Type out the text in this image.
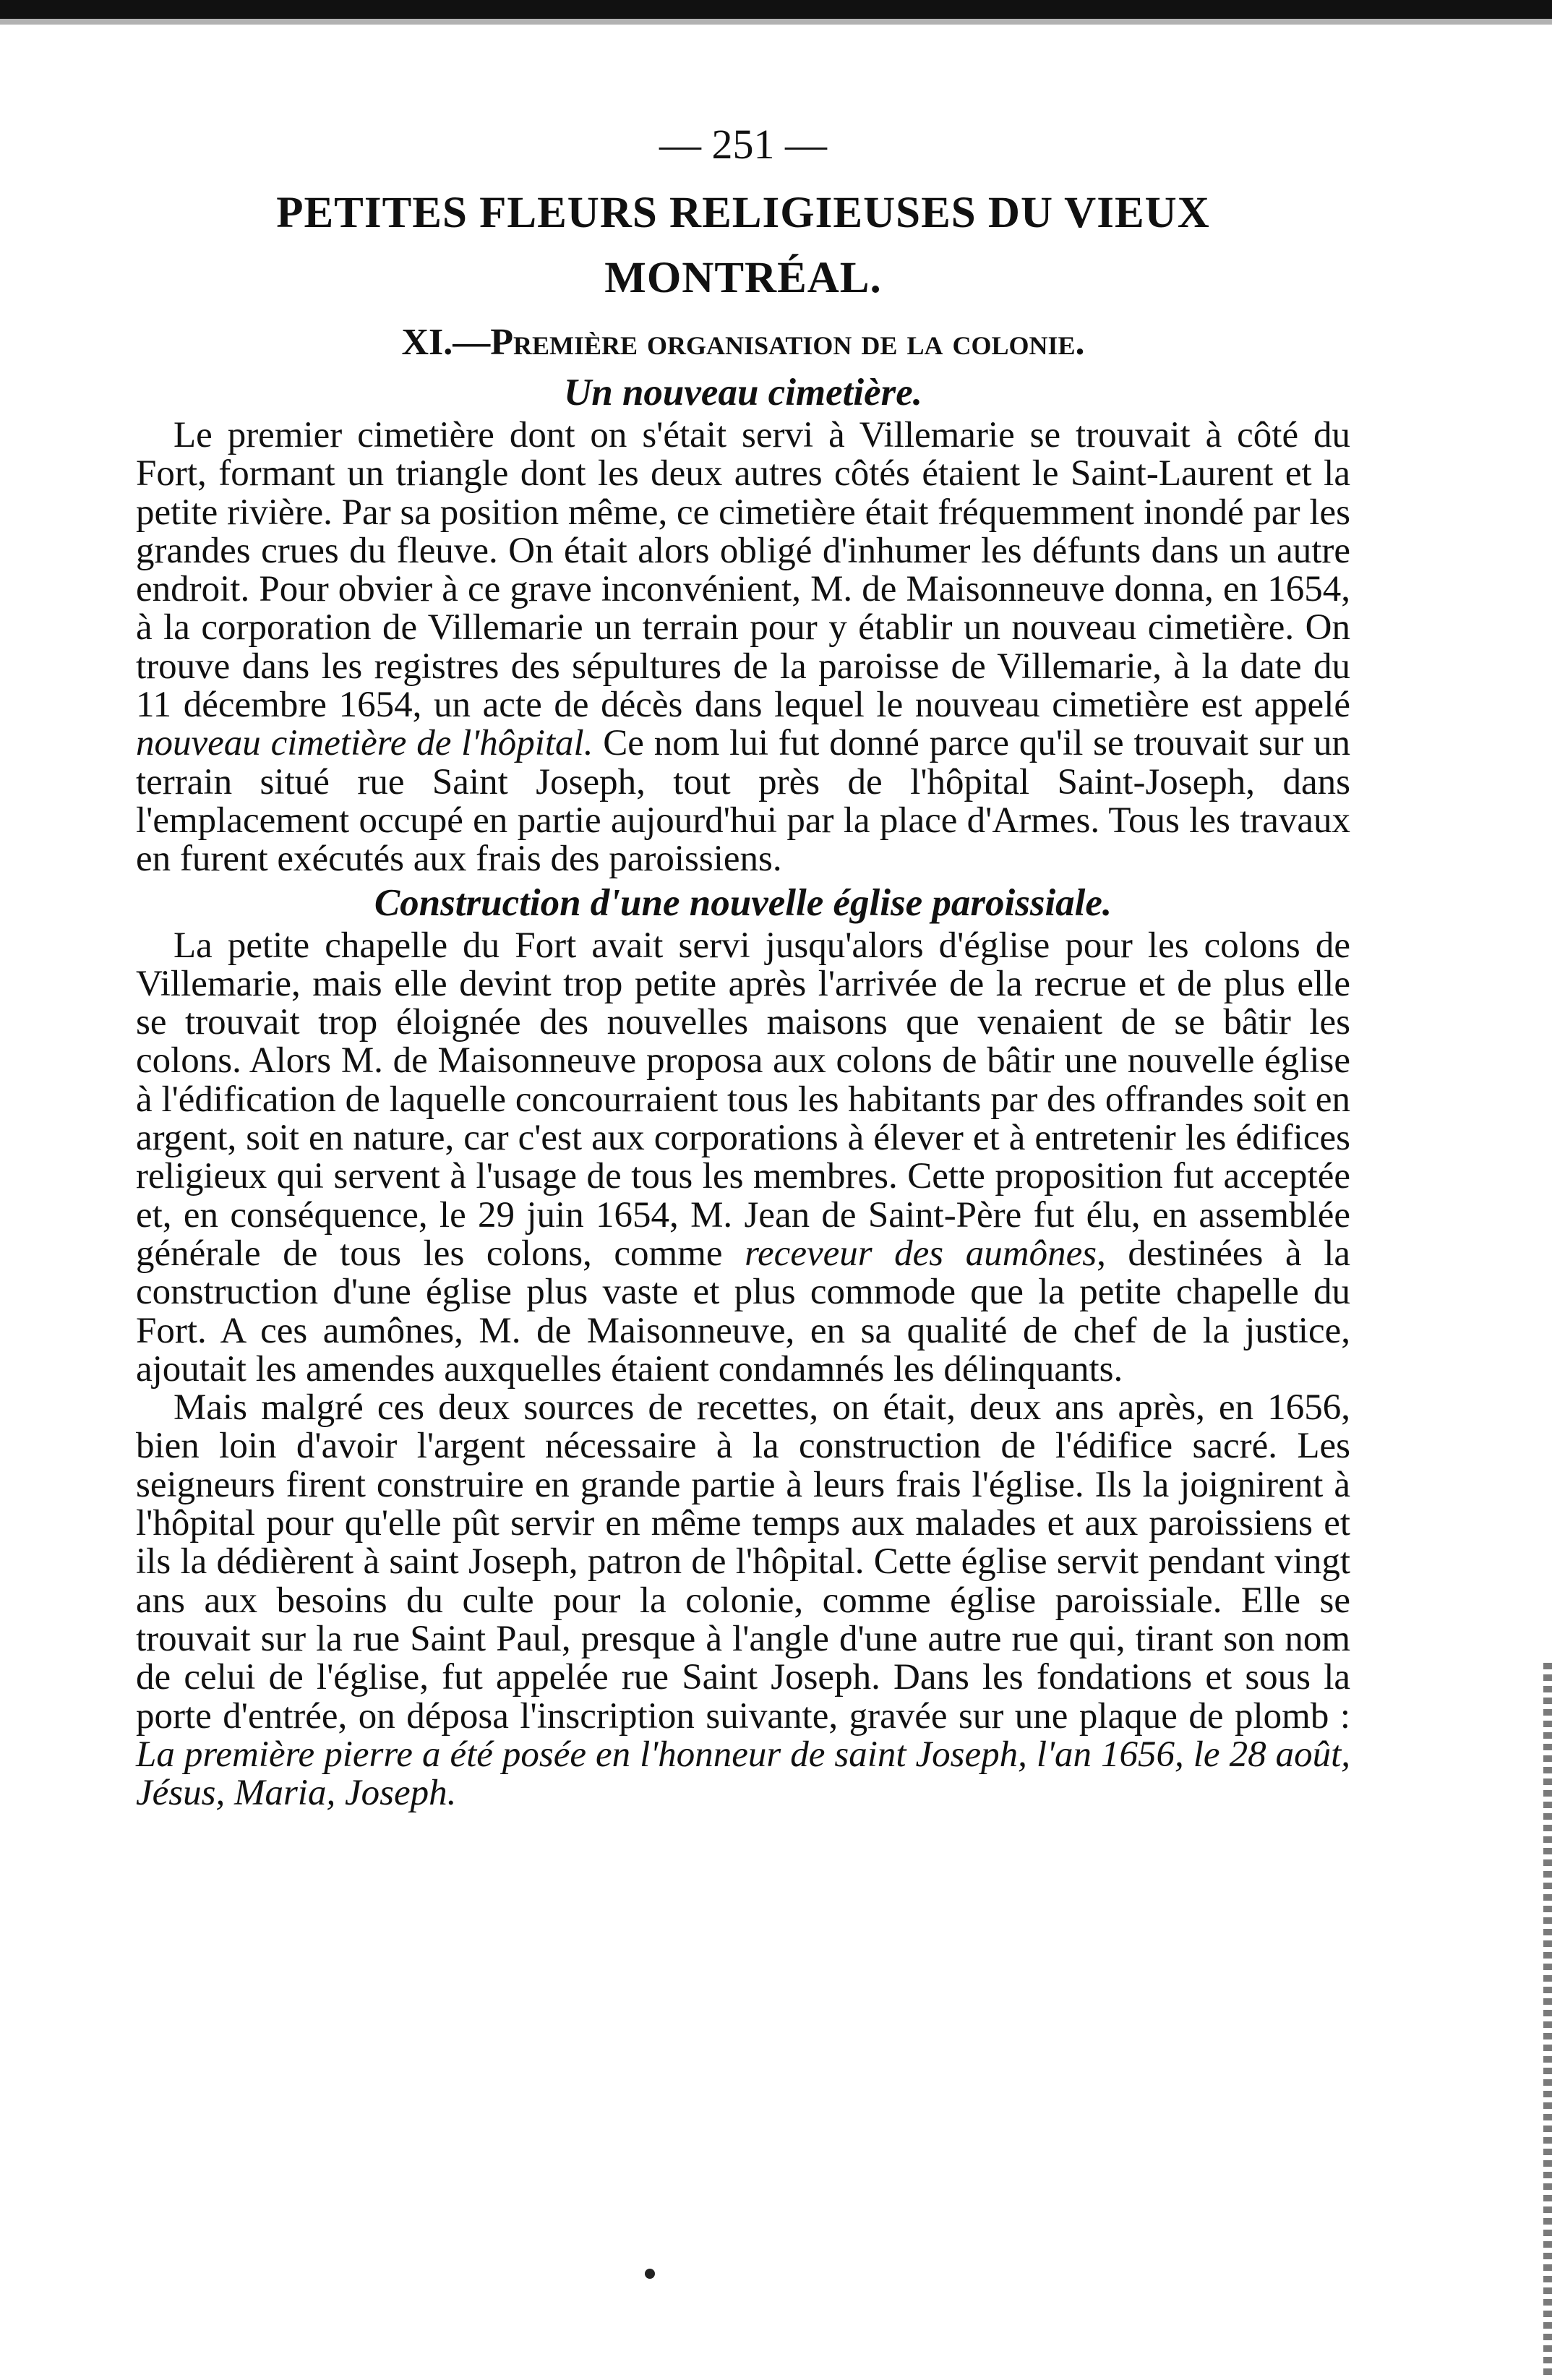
— 251 —

PETITES FLEURS RELIGIEUSES DU VIEUX MONTRÉAL.
XI.—Première organisation de la colonie.
Un nouveau cimetière.

Le premier cimetière dont on s'était servi à Villemarie se trouvait à côté du Fort, formant un triangle dont les deux autres côtés étaient le Saint-Laurent et la petite rivière. Par sa position même, ce cimetière était fréquemment inondé par les grandes crues du fleuve. On était alors obligé d'inhumer les défunts dans un autre endroit. Pour obvier à ce grave inconvénient, M. de Maisonneuve donna, en 1654, à la corporation de Villemarie un terrain pour y établir un nouveau cimetière. On trouve dans les registres des sépultures de la paroisse de Villemarie, à la date du 11 décembre 1654, un acte de décès dans lequel le nouveau cimetière est appelé nouveau cimetière de l'hôpital. Ce nom lui fut donné parce qu'il se trouvait sur un terrain situé rue Saint Joseph, tout près de l'hôpital Saint-Joseph, dans l'emplacement occupé en partie aujourd'hui par la place d'Armes. Tous les travaux en furent exécutés aux frais des paroissiens.

Construction d'une nouvelle église paroissiale.

La petite chapelle du Fort avait servi jusqu'alors d'église pour les colons de Villemarie, mais elle devint trop petite après l'arrivée de la recrue et de plus elle se trouvait trop éloignée des nouvelles maisons que venaient de se bâtir les colons. Alors M. de Maisonneuve proposa aux colons de bâtir une nouvelle église à l'édification de laquelle concourraient tous les habitants par des offrandes soit en argent, soit en nature, car c'est aux corporations à élever et à entretenir les édifices religieux qui servent à l'usage de tous les membres. Cette proposition fut acceptée et, en conséquence, le 29 juin 1654, M. Jean de Saint-Père fut élu, en assemblée générale de tous les colons, comme receveur des aumônes, destinées à la construction d'une église plus vaste et plus commode que la petite chapelle du Fort. A ces aumônes, M. de Maisonneuve, en sa qualité de chef de la justice, ajoutait les amendes auxquelles étaient condamnés les délinquants.

Mais malgré ces deux sources de recettes, on était, deux ans après, en 1656, bien loin d'avoir l'argent nécessaire à la construction de l'édifice sacré. Les seigneurs firent construire en grande partie à leurs frais l'église. Ils la joignirent à l'hôpital pour qu'elle pût servir en même temps aux malades et aux paroissiens et ils la dédièrent à saint Joseph, patron de l'hôpital. Cette église servit pendant vingt ans aux besoins du culte pour la colonie, comme église paroissiale. Elle se trouvait sur la rue Saint Paul, presque à l'angle d'une autre rue qui, tirant son nom de celui de l'église, fut appelée rue Saint Joseph. Dans les fondations et sous la porte d'entrée, on déposa l'inscription suivante, gravée sur une plaque de plomb : La première pierre a été posée en l'honneur de saint Joseph, l'an 1656, le 28 août, Jésus, Maria, Joseph.
